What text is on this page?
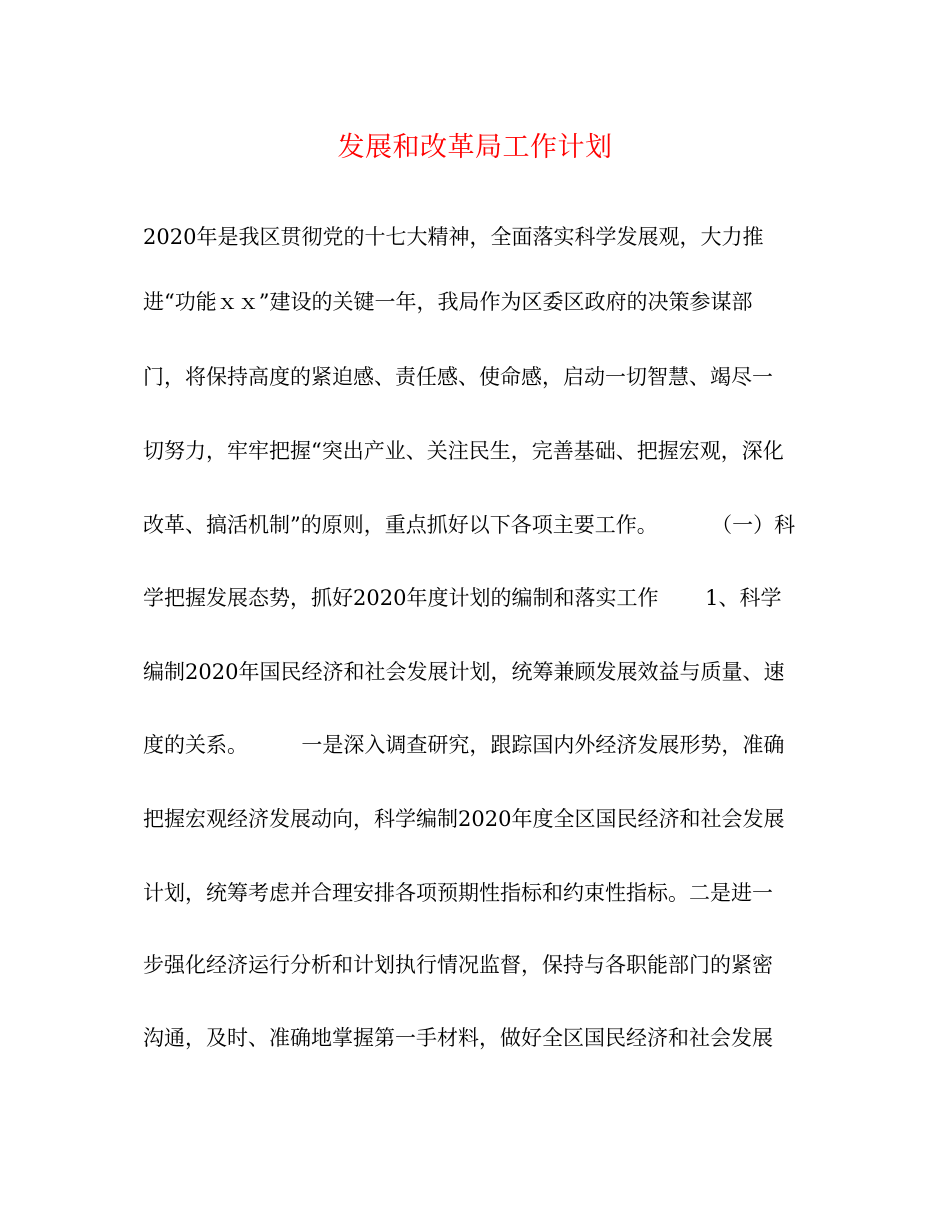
发展和改革局工作计划
2020年是我区贯彻党的十七大精神，全面落实科学发展观，大力推
进“功能ｘｘ”建设的关键一年，我局作为区委区政府的决策参谋部
门，将保持高度的紧迫感、责任感、使命感，启动一切智慧、竭尽一
切努力，牢牢把握“突出产业、关注民生，完善基础、把握宏观，深化
改革、搞活机制”的原则，重点抓好以下各项主要工作。        （一）科
学把握发展态势，抓好2020年度计划的编制和落实工作       1、科学
编制2020年国民经济和社会发展计划，统筹兼顾发展效益与质量、速
度的关系。        一是深入调查研究，跟踪国内外经济发展形势，准确
把握宏观经济发展动向，科学编制2020年度全区国民经济和社会发展
计划，统筹考虑并合理安排各项预期性指标和约束性指标。二是进一
步强化经济运行分析和计划执行情况监督，保持与各职能部门的紧密
沟通，及时、准确地掌握第一手材料，做好全区国民经济和社会发展
